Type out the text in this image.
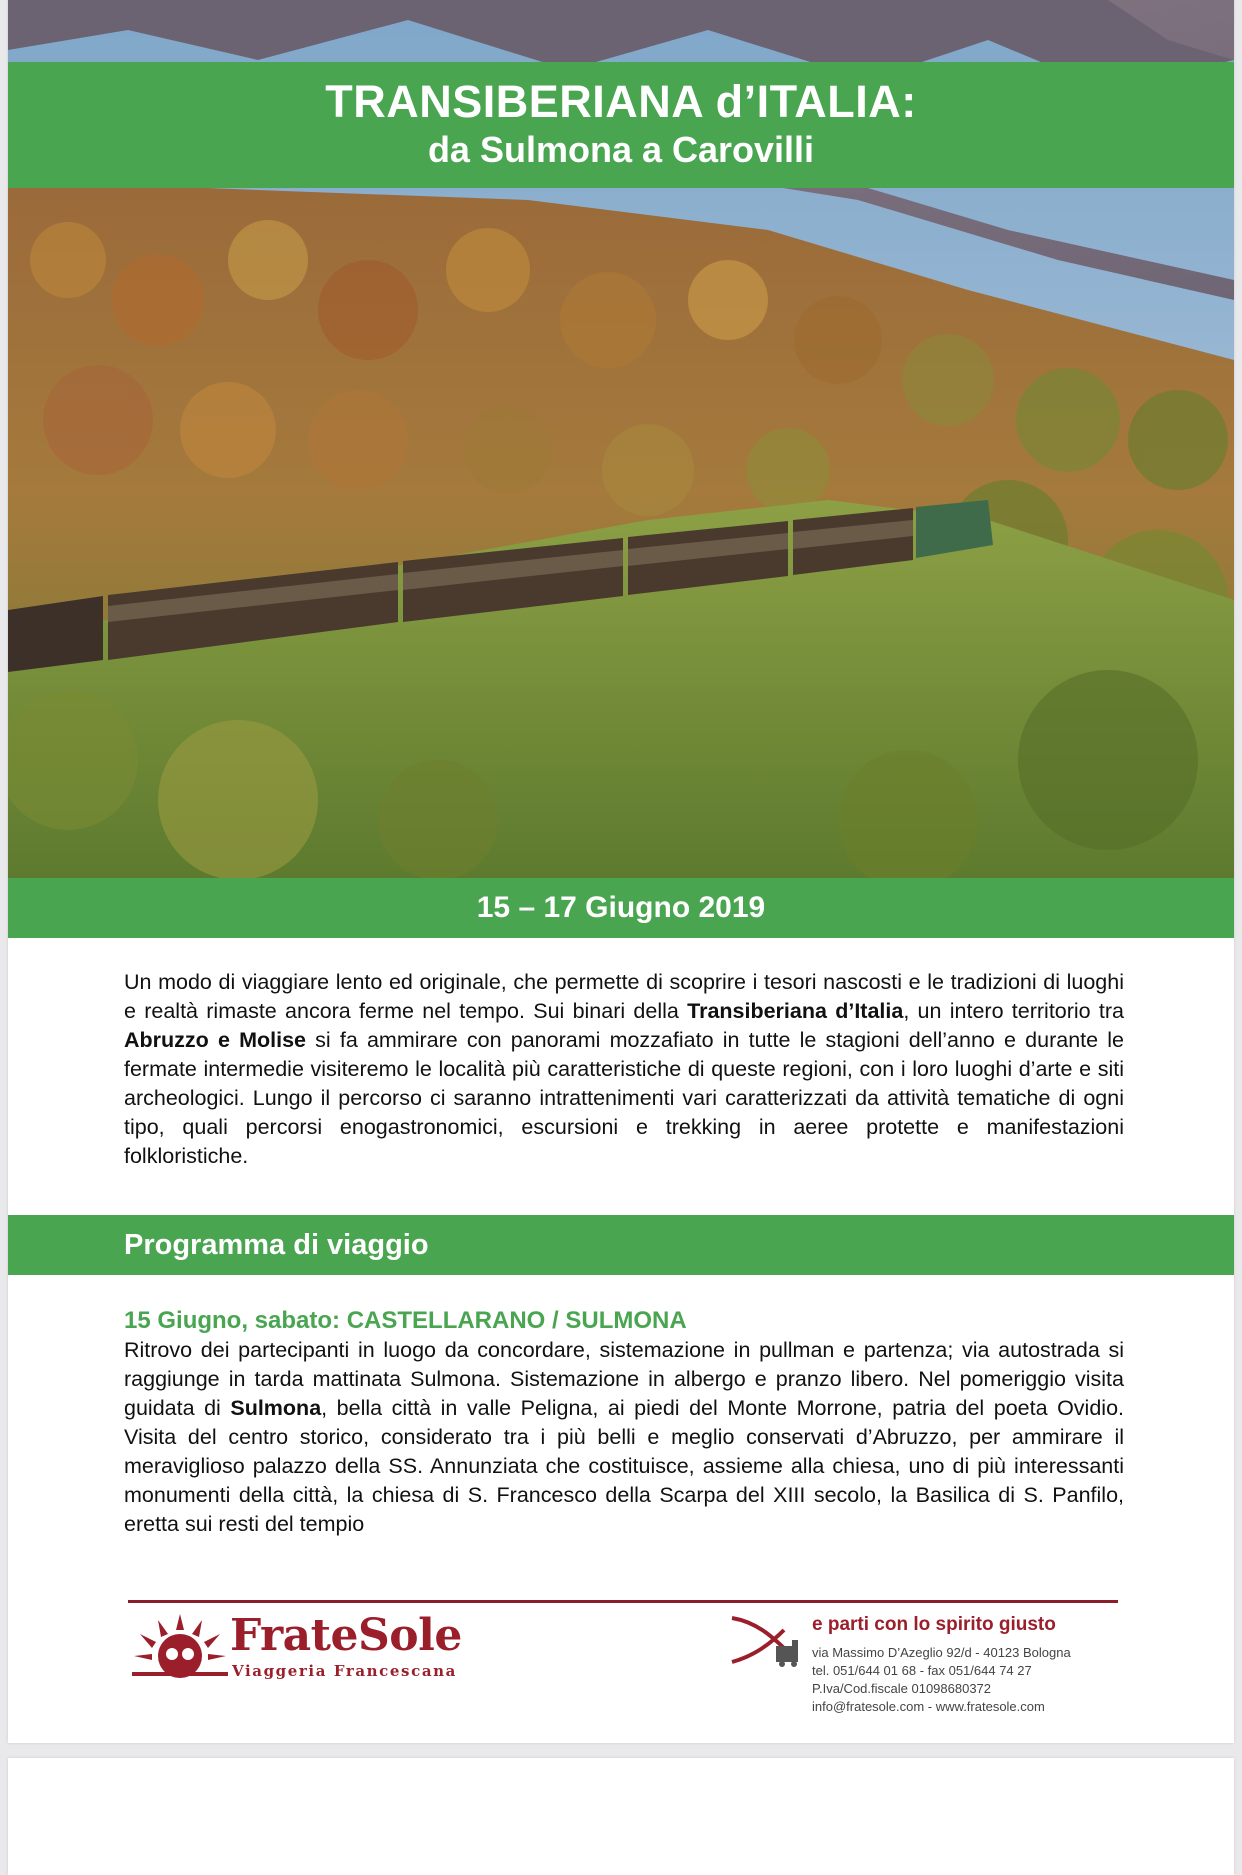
TRANSIBERIANA d’ITALIA:
da Sulmona a Carovilli
15 – 17 Giugno 2019
Un modo di viaggiare lento ed originale, che permette di scoprire i tesori nascosti e le tradizioni di luoghi e realtà rimaste ancora ferme nel tempo. Sui binari della Transiberiana d’Italia, un intero territorio tra Abruzzo e Molise si fa ammirare con panorami mozzafiato in tutte le stagioni dell’anno e durante le fermate intermedie visiteremo le località più caratteristiche di queste regioni, con i loro luoghi d’arte e siti archeologici. Lungo il percorso ci saranno intrattenimenti vari caratterizzati da attività tematiche di ogni tipo, quali percorsi enogastronomici, escursioni e trekking in aeree protette e manifestazioni folkloristiche.
Programma di viaggio
15 Giugno, sabato: CASTELLARANO / SULMONA
Ritrovo dei partecipanti in luogo da concordare, sistemazione in pullman e partenza; via autostrada si raggiunge in tarda mattinata Sulmona. Sistemazione in albergo e pranzo libero. Nel pomeriggio visita guidata di Sulmona, bella città in valle Peligna, ai piedi del Monte Morrone, patria del poeta Ovidio. Visita del centro storico, considerato tra i più belli e meglio conservati d’Abruzzo, per ammirare il meraviglioso palazzo della SS. Annunziata che costituisce, assieme alla chiesa, uno di più interessanti monumenti della città, la chiesa di S. Francesco della Scarpa del XIII secolo, la Basilica di S. Panfilo, eretta sui resti del tempio
FrateSole
Viaggeria Francescana
e parti con lo spirito giusto
via Massimo D’Azeglio 92/d - 40123 Bologna
tel. 051/644 01 68 - fax 051/644 74 27
P.Iva/Cod.fiscale 01098680372
info@fratesole.com - www.fratesole.com
